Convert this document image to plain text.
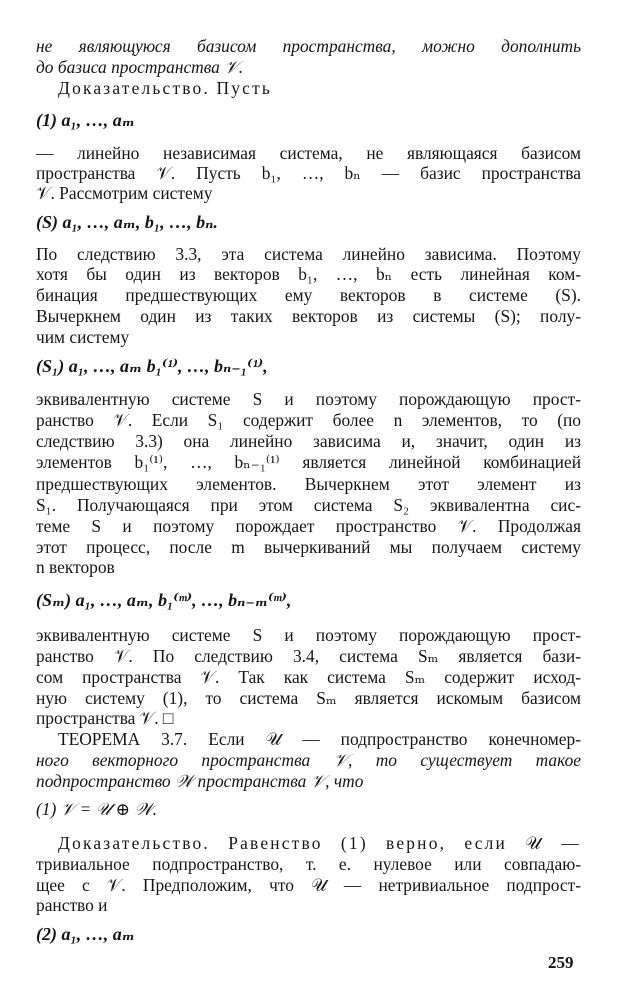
не являющуюся базисом пространства, можно дополнить
до базиса пространства 𝒱.
Доказательство. Пусть
(1) a₁, …, aₘ
— линейно независимая система, не являющаяся базисом
пространства 𝒱. Пусть b₁, …, bₙ — базис пространства
𝒱. Рассмотрим систему
(S) a₁, …, aₘ, b₁, …, bₙ.
По следствию 3.3, эта система линейно зависима. Поэтому
хотя бы один из векторов b₁, …, bₙ есть линейная ком-
бинация предшествующих ему векторов в системе (S).
Вычеркнем один из таких векторов из системы (S); полу-
чим систему
(S₁) a₁, …, aₘ b₁⁽¹⁾, …, bₙ₋₁⁽¹⁾,
эквивалентную системе S и поэтому порождающую прост-
ранство 𝒱. Если S₁ содержит более n элементов, то (по
следствию 3.3) она линейно зависима и, значит, один из
элементов b₁⁽¹⁾, …, bₙ₋₁⁽¹⁾ является линейной комбинацией
предшествующих элементов. Вычеркнем этот элемент из
S₁. Получающаяся при этом система S₂ эквивалентна сис-
теме S и поэтому порождает пространство 𝒱. Продолжая
этот процесс, после m вычеркиваний мы получаем систему
n векторов
(Sₘ) a₁, …, aₘ, b₁⁽ᵐ⁾, …, bₙ₋ₘ⁽ᵐ⁾,
эквивалентную системе S и поэтому порождающую прост-
ранство 𝒱. По следствию 3.4, система Sₘ является бази-
сом пространства 𝒱. Так как система Sₘ содержит исход-
ную систему (1), то система Sₘ является искомым базисом
пространства 𝒱. □
ТЕОРЕМА 3.7. Если 𝒰 — подпространство конечномер-
ного векторного пространства 𝒱, то существует такое
подпространство 𝒲 пространства 𝒱, что
(1) 𝒱 = 𝒰 ⊕ 𝒲.
Доказательство. Равенство (1) верно, если 𝒰 —
тривиальное подпространство, т. е. нулевое или совпадаю-
щее с 𝒱. Предположим, что 𝒰 — нетривиальное подпрост-
ранство и
(2) a₁, …, aₘ
259
